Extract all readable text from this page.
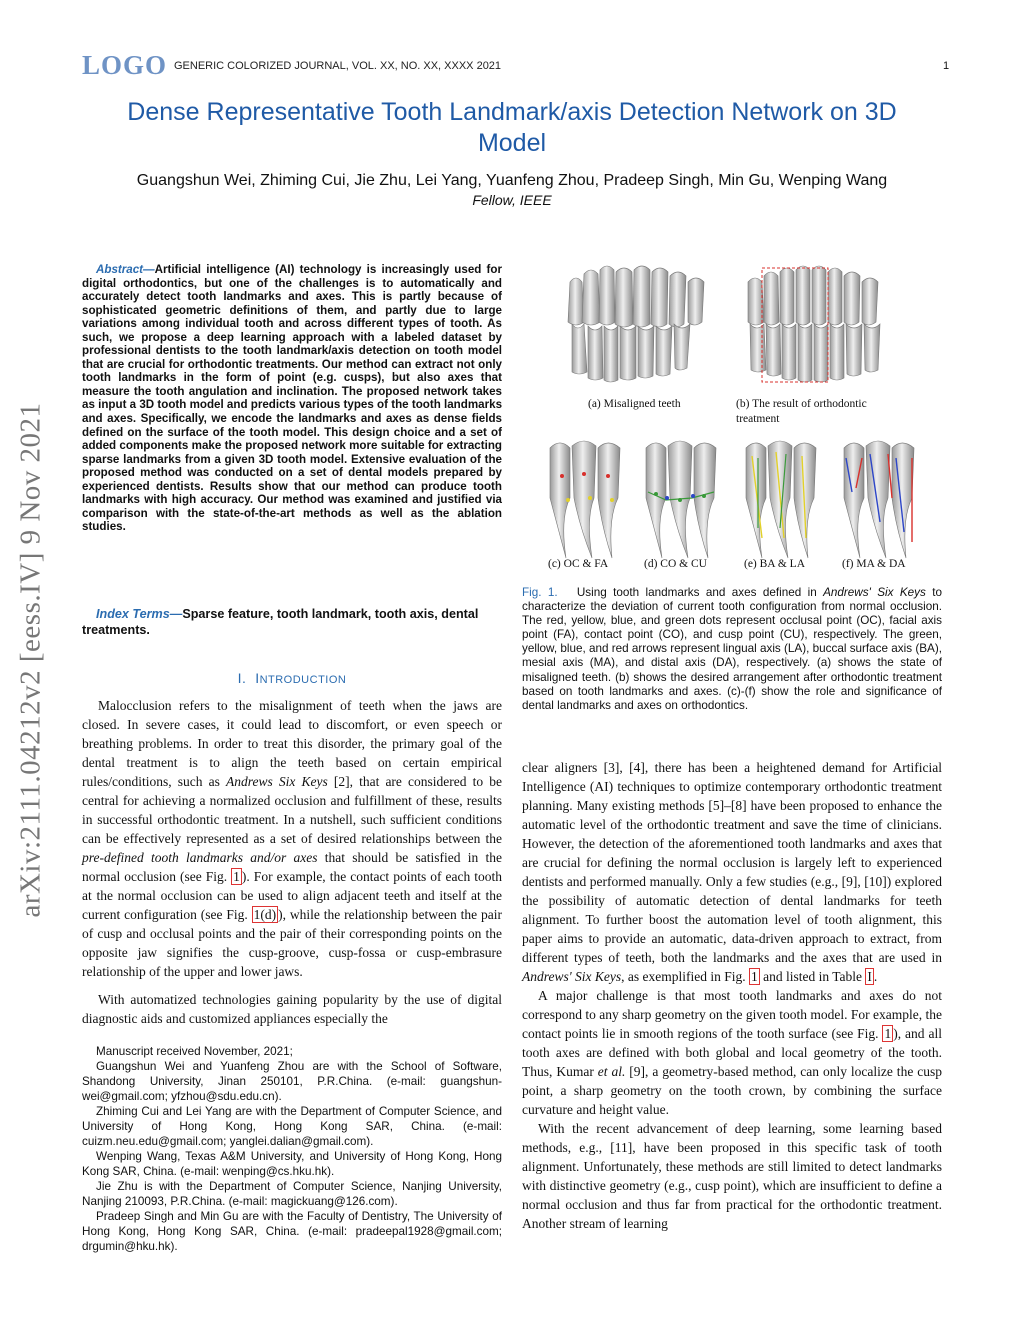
LOGO GENERIC COLORIZED JOURNAL, VOL. XX, NO. XX, XXXX 2021	1
Dense Representative Tooth Landmark/axis Detection Network on 3D Model
Guangshun Wei, Zhiming Cui, Jie Zhu, Lei Yang, Yuanfeng Zhou, Pradeep Singh, Min Gu, Wenping Wang
Fellow, IEEE
arXiv:2111.04212v2 [eess.IV] 9 Nov 2021
Abstract—Artificial intelligence (AI) technology is increasingly used for digital orthodontics, but one of the challenges is to automatically and accurately detect tooth landmarks and axes. This is partly because of sophisticated geometric definitions of them, and partly due to large variations among individual tooth and across different types of tooth. As such, we propose a deep learning approach with a labeled dataset by professional dentists to the tooth landmark/axis detection on tooth model that are crucial for orthodontic treatments. Our method can extract not only tooth landmarks in the form of point (e.g. cusps), but also axes that measure the tooth angulation and inclination. The proposed network takes as input a 3D tooth model and predicts various types of the tooth landmarks and axes. Specifically, we encode the landmarks and axes as dense fields defined on the surface of the tooth model. This design choice and a set of added components make the proposed network more suitable for extracting sparse landmarks from a given 3D tooth model. Extensive evaluation of the proposed method was conducted on a set of dental models prepared by experienced dentists. Results show that our method can produce tooth landmarks with high accuracy. Our method was examined and justified via comparison with the state-of-the-art methods as well as the ablation studies.
Index Terms—Sparse feature, tooth landmark, tooth axis, dental treatments.
I. INTRODUCTION
Malocclusion refers to the misalignment of teeth when the jaws are closed. In severe cases, it could lead to discomfort, or even speech or breathing problems. In order to treat this disorder, the primary goal of the dental treatment is to align the teeth based on certain empirical rules/conditions, such as Andrews Six Keys [2], that are considered to be central for achieving a normalized occlusion and fulfillment of these, results in successful orthodontic treatment. In a nutshell, such sufficient conditions can be effectively represented as a set of desired relationships between the pre-defined tooth landmarks and/or axes that should be satisfied in the normal occlusion (see Fig. 1 ). For example, the contact points of each tooth at the normal occlusion can be used to align adjacent teeth and itself at the current configuration (see Fig. 1(d) ), while the relationship between the pair of cusp and occlusal points and the pair of their corresponding points on the opposite jaw signifies the cusp-groove, cusp-fossa or cusp-embrasure relationship of the upper and lower jaws.
With automatized technologies gaining popularity by the use of digital diagnostic aids and customized appliances especially the

Manuscript received November, 2021;

Guangshun Wei and Yuanfeng Zhou are with the School of Software, Shandong University, Jinan 250101, P.R.China. (e-mail: guangshun-wei@gmail.com; yfzhou@sdu.edu.cn).

Zhiming Cui and Lei Yang are with the Department of Computer Science, and University of Hong Kong, Hong Kong SAR, China. (e-mail: cuizm.neu.edu@gmail.com; yanglei.dalian@gmail.com).

Wenping Wang, Texas A&M University, and University of Hong Kong, Hong Kong SAR, China. (e-mail: wenping@cs.hku.hk).

Jie Zhu is with the Department of Computer Science, Nanjing University, Nanjing 210093, P.R.China. (e-mail: magickuang@126.com).

Pradeep Singh and Min Gu are with the Faculty of Dentistry, The University of Hong Kong, Hong Kong SAR, China. (e-mail: pradeepal1928@gmail.com; drgumin@hku.hk).

(a) Misaligned teeth	(b) The result of orthodontic
treatment
(c) OC & FA	(d) CO & CU	(e) BA & LA	(f) MA & DA
Fig. 1. Using tooth landmarks and axes defined in Andrews' Six Keys to characterize the deviation of current tooth configuration from normal occlusion. The red, yellow, blue, and green dots represent occlusal point (OC), facial axis point (FA), contact point (CO), and cusp point (CU), respectively. The green, yellow, blue, and red arrows represent lingual axis (LA), buccal surface axis (BA), mesial axis (MA), and distal axis (DA), respectively. (a) shows the state of misaligned teeth. (b) shows the desired arrangement after orthodontic treatment based on tooth landmarks and axes. (c)-(f) show the role and significance of dental landmarks and axes on orthodontics.

clear aligners [3], [4], there has been a heightened demand for Artificial Intelligence (AI) techniques to optimize contemporary orthodontic treatment planning. Many existing methods [5]–[8] have been proposed to enhance the automatic level of the orthodontic treatment and save the time of clinicians. However, the detection of the aforementioned tooth landmarks and axes that are crucial for defining the normal occlusion is largely left to experienced dentists and performed manually. Only a few studies (e.g., [9], [10]) explored the possibility of automatic detection of dental landmarks for teeth alignment. To further boost the automation level of tooth alignment, this paper aims to provide an automatic, data-driven approach to extract, from different types of teeth, both the landmarks and the axes that are used in Andrews' Six Keys, as exemplified in Fig. 1 and listed in Table I .

A major challenge is that most tooth landmarks and axes do not correspond to any sharp geometry on the given tooth model. For example, the contact points lie in smooth regions of the tooth surface (see Fig. 1 ), and all tooth axes are defined with both global and local geometry of the tooth. Thus, Kumar et al. [9], a geometry-based method, can only localize the cusp point, a sharp geometry on the tooth crown, by combining the surface curvature and height value.

With the recent advancement of deep learning, some learning based methods, e.g., [11], have been proposed in this specific task of tooth alignment. Unfortunately, these methods are still limited to detect landmarks with distinctive geometry (e.g., cusp point), which are insufficient to define a normal occlusion and thus far from practical for the orthodontic treatment. Another stream of learning
